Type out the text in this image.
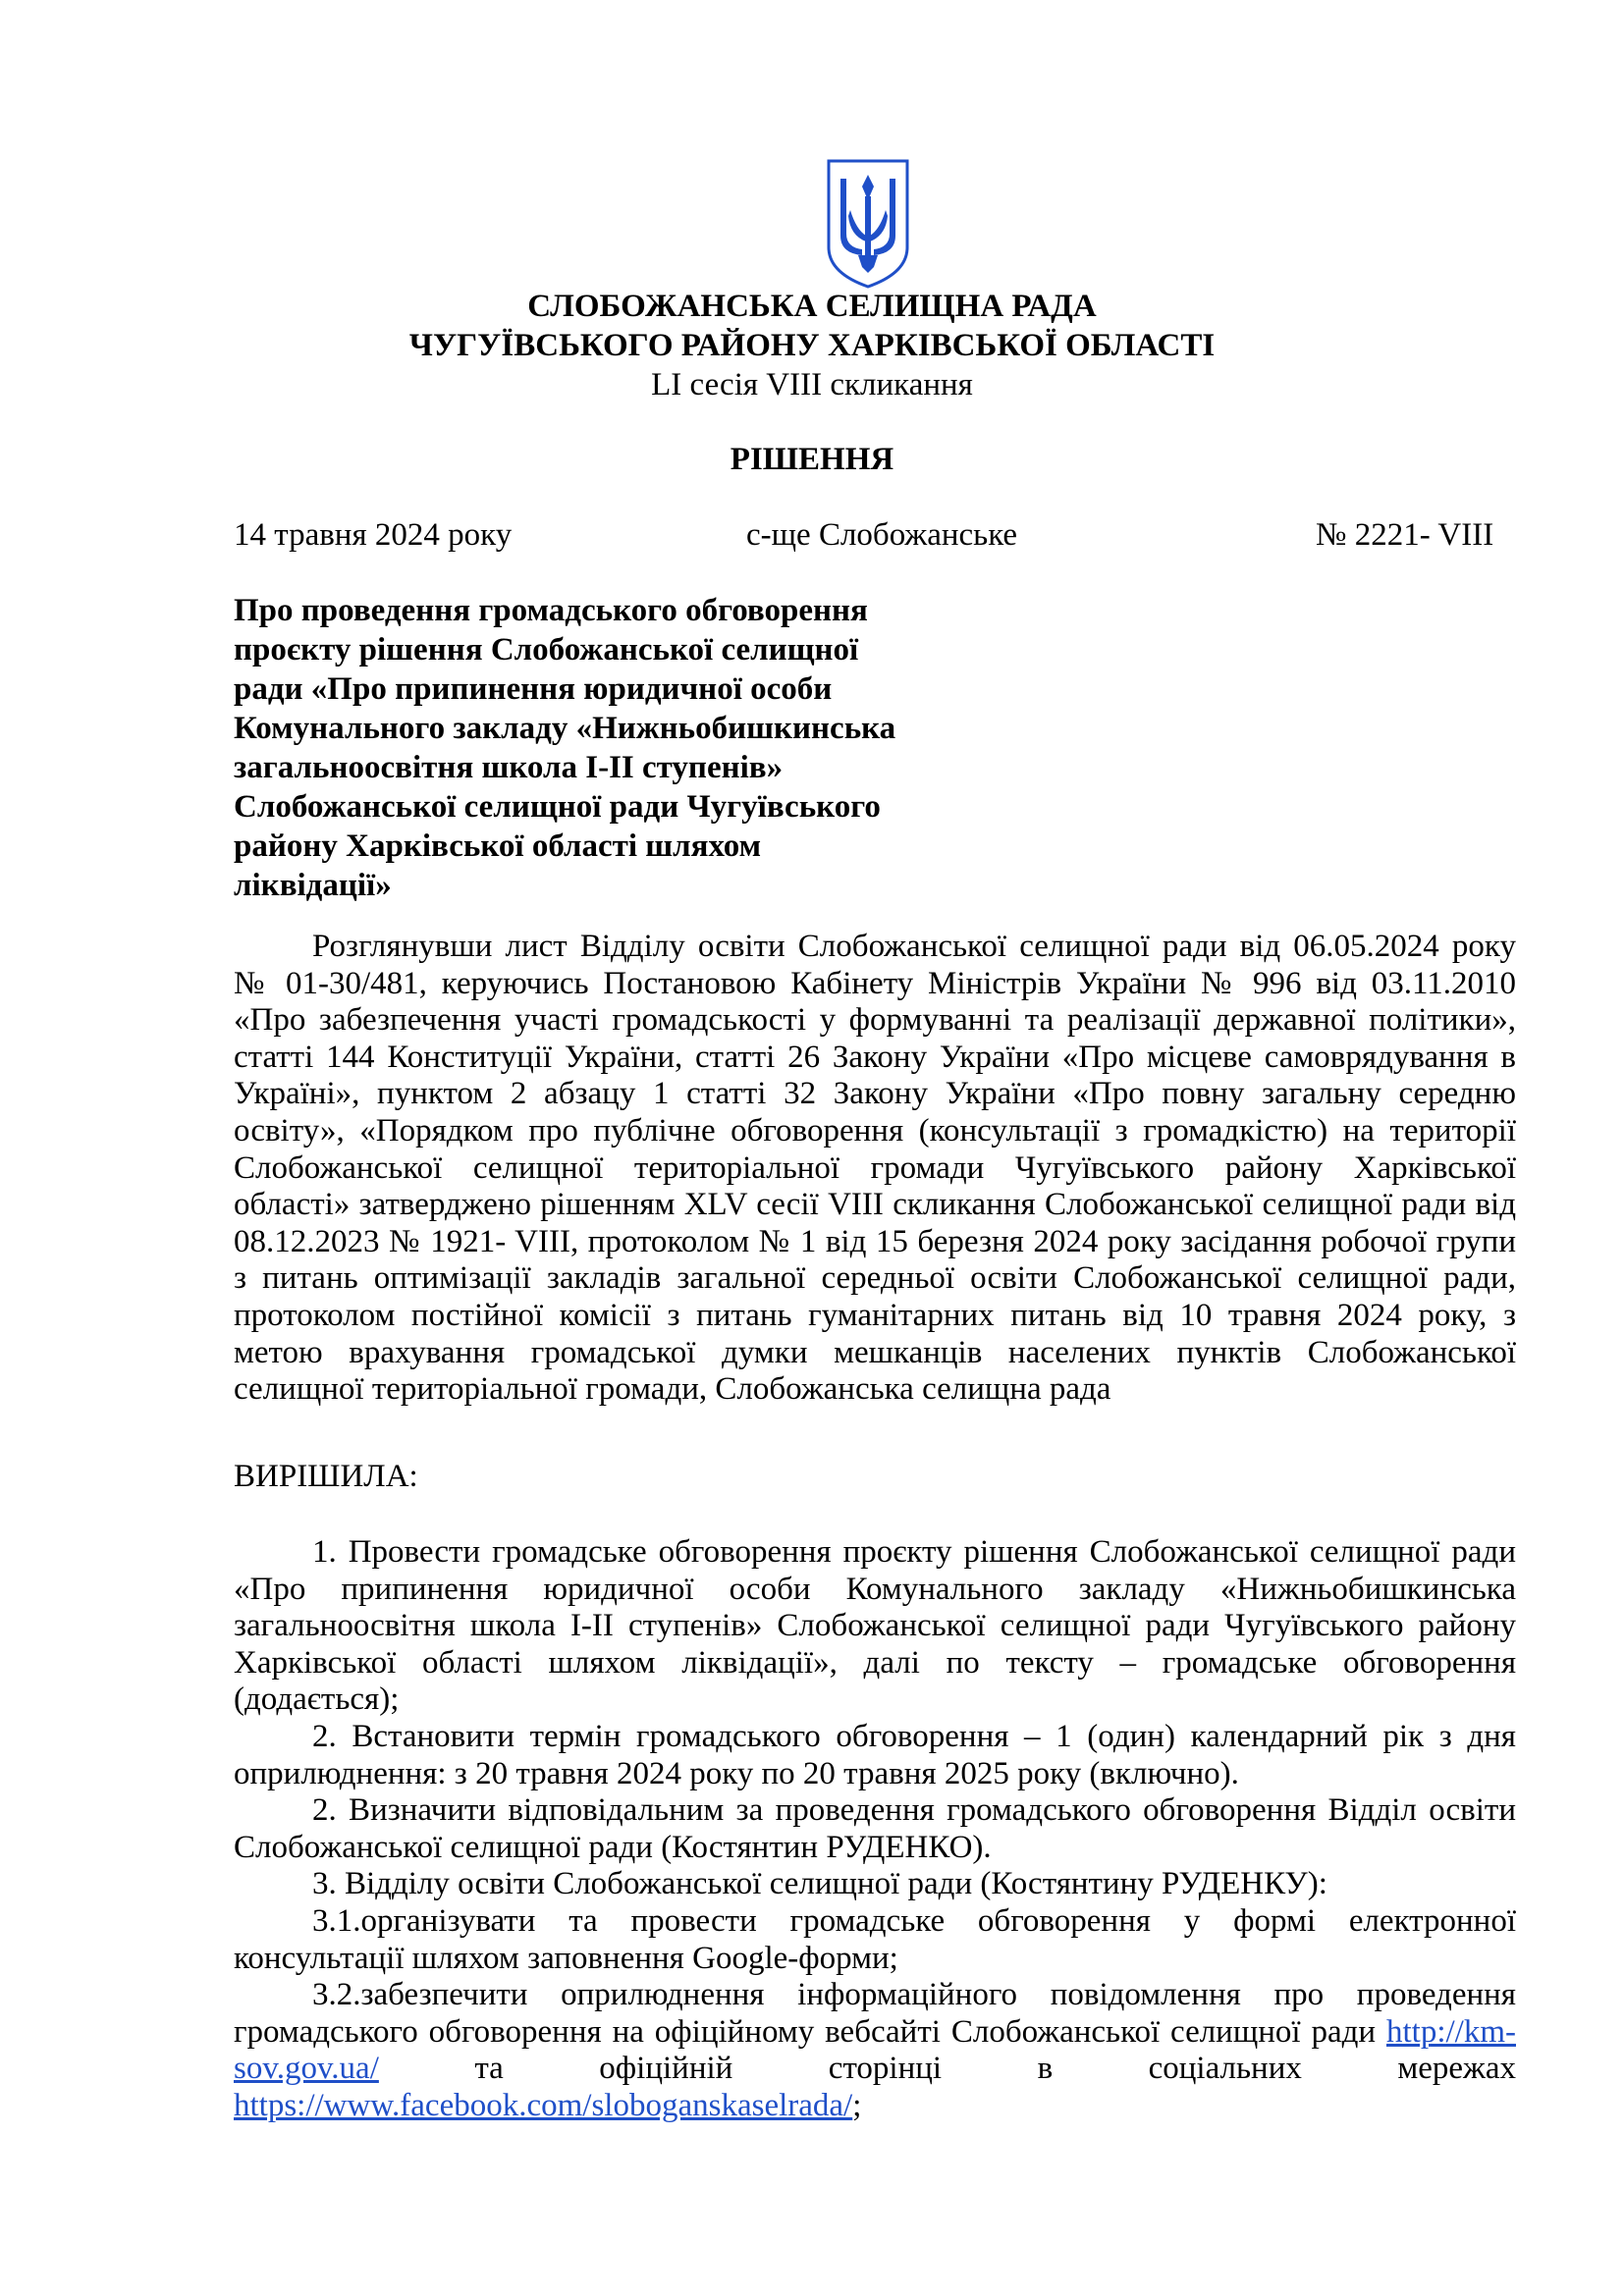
СЛОБОЖАНСЬКА СЕЛИЩНА РАДА
ЧУГУЇВСЬКОГО РАЙОНУ ХАРКІВСЬКОЇ ОБЛАСТІ
LI сесія VIII скликання
РІШЕННЯ
14 травня 2024 року	с-ще Слобожанське	№ 2221- VIII
Про проведення громадського обговорення
проєкту рішення Слобожанської селищної
ради «Про припинення юридичної особи
Комунального закладу «Нижньобишкинська
загальноосвітня школа І-ІІ ступенів»
Слобожанської селищної ради Чугуївського
району Харківської області шляхом
ліквідації»
Розглянувши лист Відділу освіти Слобожанської селищної ради від 06.05.2024 року
№ 01-30/481, керуючись Постановою Кабінету Міністрів України № 996 від 03.11.2010
«Про забезпечення участі громадськості у формуванні та реалізації державної політики»,
статті 144 Конституції України, статті 26 Закону України «Про місцеве самоврядування в
Україні», пунктом 2 абзацу 1 статті 32 Закону України «Про повну загальну середню
освіту», «Порядком про публічне обговорення (консультації з громадкістю) на території
Слобожанської селищної територіальної громади Чугуївського району Харківської
області» затверджено рішенням XLV сесії VIII скликання Слобожанської селищної ради від
08.12.2023 № 1921- VIII, протоколом № 1 від 15 березня 2024 року засідання робочої групи
з питань оптимізації закладів загальної середньої освіти Слобожанської селищної ради,
протоколом постійної комісії з питань гуманітарних питань від 10 травня 2024 року, з
метою врахування громадської думки мешканців населених пунктів Слобожанської
селищної територіальної громади, Слобожанська селищна рада
ВИРІШИЛА:
1. Провести громадське обговорення проєкту рішення Слобожанської селищної ради
«Про припинення юридичної особи Комунального закладу «Нижньобишкинська
загальноосвітня школа І-ІІ ступенів» Слобожанської селищної ради Чугуївського району
Харківської області шляхом ліквідації», далі по тексту – громадське обговорення
(додається);
2. Встановити термін громадського обговорення – 1 (один) календарний рік з дня
оприлюднення: з 20 травня 2024 року по 20 травня 2025 року (включно).
2. Визначити відповідальним за проведення громадського обговорення Відділ освіти
Слобожанської селищної ради (Костянтин РУДЕНКО).
3. Відділу освіти Слобожанської селищної ради (Костянтину РУДЕНКУ):
3.1.організувати та провести громадське обговорення у формі електронної
консультації шляхом заповнення Google-форми;
3.2.забезпечити оприлюднення інформаційного повідомлення про проведення
громадського обговорення на офіційному вебсайті Слобожанської селищної ради http://km-
sov.gov.ua/	та	офіційній	сторінці	в	соціальних	мережах
https://www.facebook.com/sloboganskaselrada/;
